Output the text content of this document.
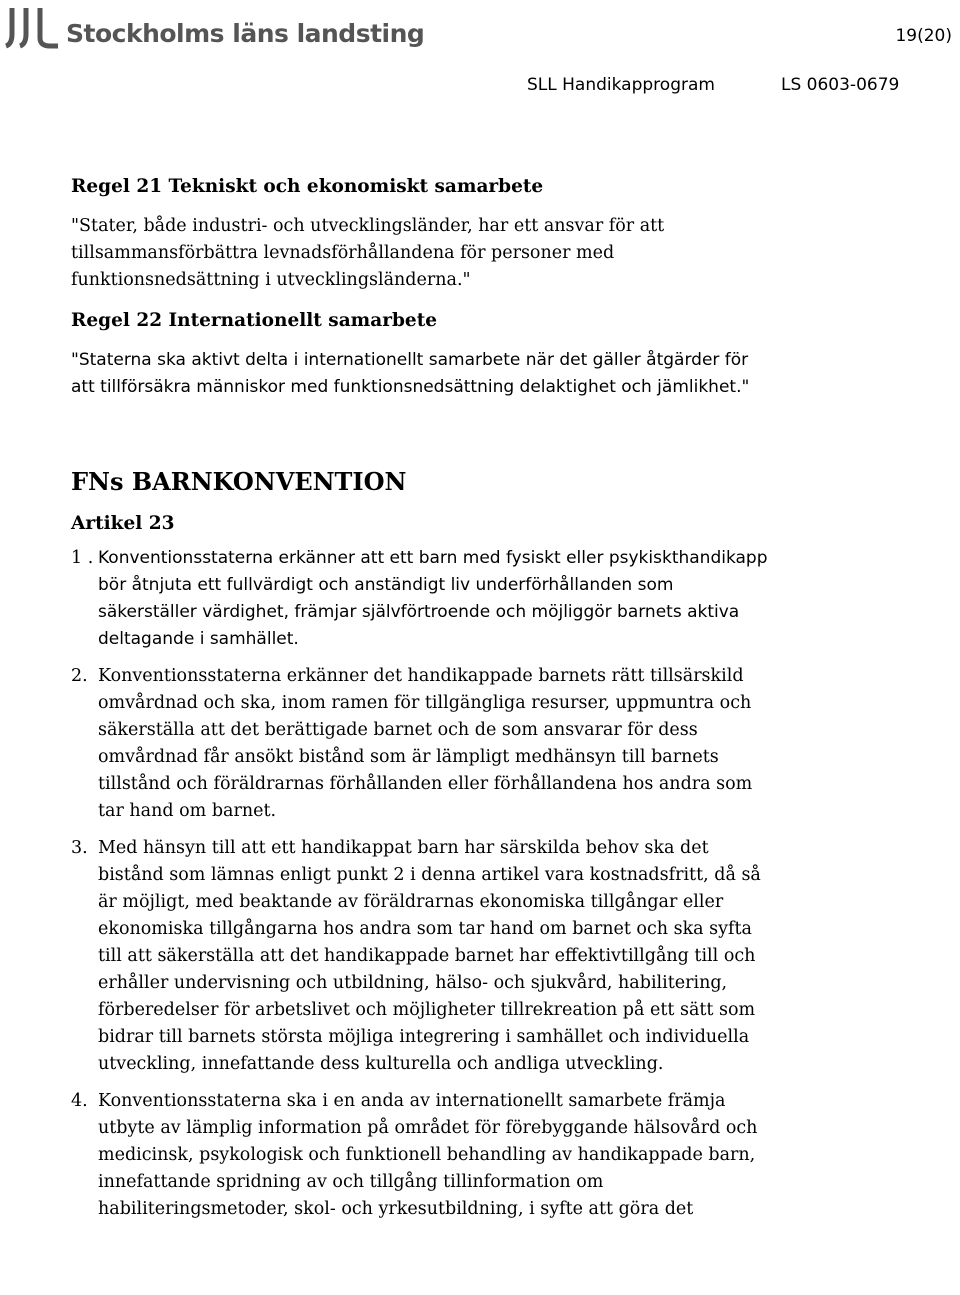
Stockholms läns landsting	19(20)
SLL Handikapprogram	LS 0603-0679
Regel 21 Tekniskt och ekonomiskt samarbete

"Stater, både industri- och utvecklingsländer, har ett ansvar för att tillsammansförbättra levnadsförhållandena för personer med funktionsnedsättning i utvecklingsländerna."

Regel 22 Internationellt samarbete

"Staterna ska aktivt delta i internationellt samarbete när det gäller åtgärder för att tillförsäkra människor med funktionsnedsättning delaktighet och jämlikhet."

FNs BARNKONVENTION
Artikel 23
1 . Konventionsstaterna erkänner att ett barn med fysiskt eller psykiskthandikapp bör åtnjuta ett fullvärdigt och anständigt liv underförhållanden som säkerställer värdighet, främjar självförtroende och möjliggör barnets aktiva deltagande i samhället.
2. Konventionsstaterna erkänner det handikappade barnets rätt tillsärskild omvårdnad och ska, inom ramen för tillgängliga resurser, uppmuntra och säkerställa att det berättigade barnet och de som ansvarar för dess omvårdnad får ansökt bistånd som är lämpligt medhänsyn till barnets tillstånd och föräldrarnas förhållanden eller förhållandena hos andra som tar hand om barnet.
3. Med hänsyn till att ett handikappat barn har särskilda behov ska det bistånd som lämnas enligt punkt 2 i denna artikel vara kostnadsfritt, då så är möjligt, med beaktande av föräldrarnas ekonomiska tillgångar eller ekonomiska tillgångarna hos andra som tar hand om barnet och ska syfta till att säkerställa att det handikappade barnet har effektivtillgång till och erhåller undervisning och utbildning, hälso- och sjukvård, habilitering, förberedelser för arbetslivet och möjligheter tillrekreation på ett sätt som bidrar till barnets största möjliga integrering i samhället och individuella utveckling, innefattande dess kulturella och andliga utveckling.
4. Konventionsstaterna ska i en anda av internationellt samarbete främja utbyte av lämplig information på området för förebyggande hälsovård och medicinsk, psykologisk och funktionell behandling av handikappade barn, innefattande spridning av och tillgång tillinformation om habiliteringsmetoder, skol- och yrkesutbildning, i syfte att göra det
